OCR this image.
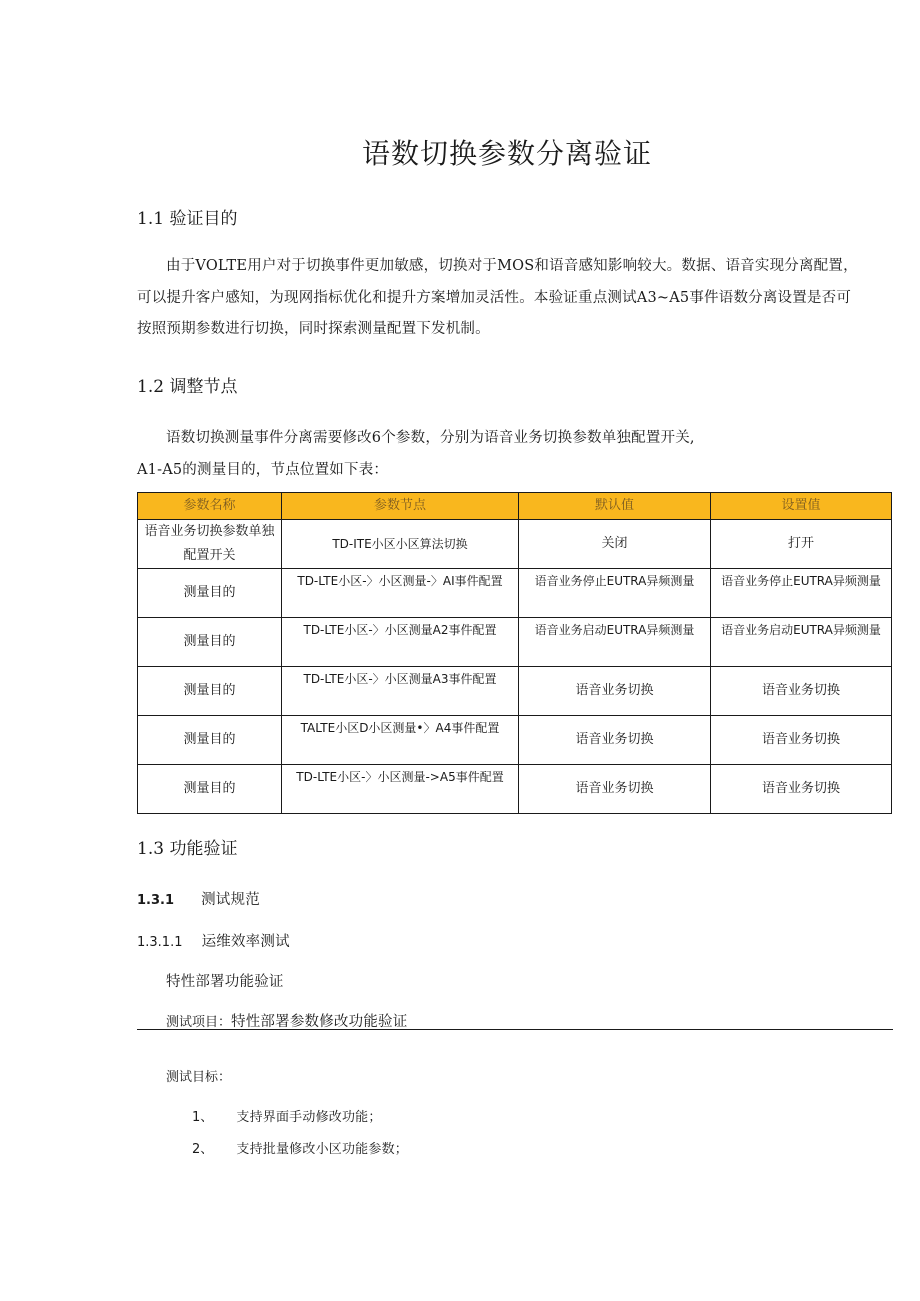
语数切换参数分离验证
1.1 验证目的
由于VOLTE用户对于切换事件更加敏感，切换对于MOS和语音感知影响较大。数据、语音实现分离配置，
可以提升客户感知，为现网指标优化和提升方案增加灵活性。本验证重点测试A3~A5事件语数分离设置是否可
按照预期参数进行切换，同时探索测量配置下发机制。
1.2 调整节点
语数切换测量事件分离需要修改6个参数，分别为语音业务切换参数单独配置开关,
A1-A5的测量目的，节点位置如下表：
参数名称	参数节点	默认值	设置值
语音业务切换参数单独配置开关	TD-ITE小区小区算法切换	关闭	打开
测量目的	TD-LTE小区-〉小区测量-〉AI事件配置	语音业务停止EUTRA异频测量	语音业务停止EUTRA异频测量
测量目的	TD-LTE小区-〉小区测量A2事件配置	语音业务启动EUTRA异频测量	语音业务启动EUTRA异频测量
测量目的	TD-LTE小区-〉小区测量A3事件配置	语音业务切换	语音业务切换
测量目的	TALTE小区D小区测量•〉A4事件配置	语音业务切换	语音业务切换
测量目的	TD-LTE小区-〉小区测量->A5事件配置	语音业务切换	语音业务切换
1.3 功能验证
1.3.1 测试规范
1.3.1.1 运维效率测试
特性部署功能验证
测试项目：特性部署参数修改功能验证
测试目标：
1、 支持界面手动修改功能；
2、 支持批量修改小区功能参数；
